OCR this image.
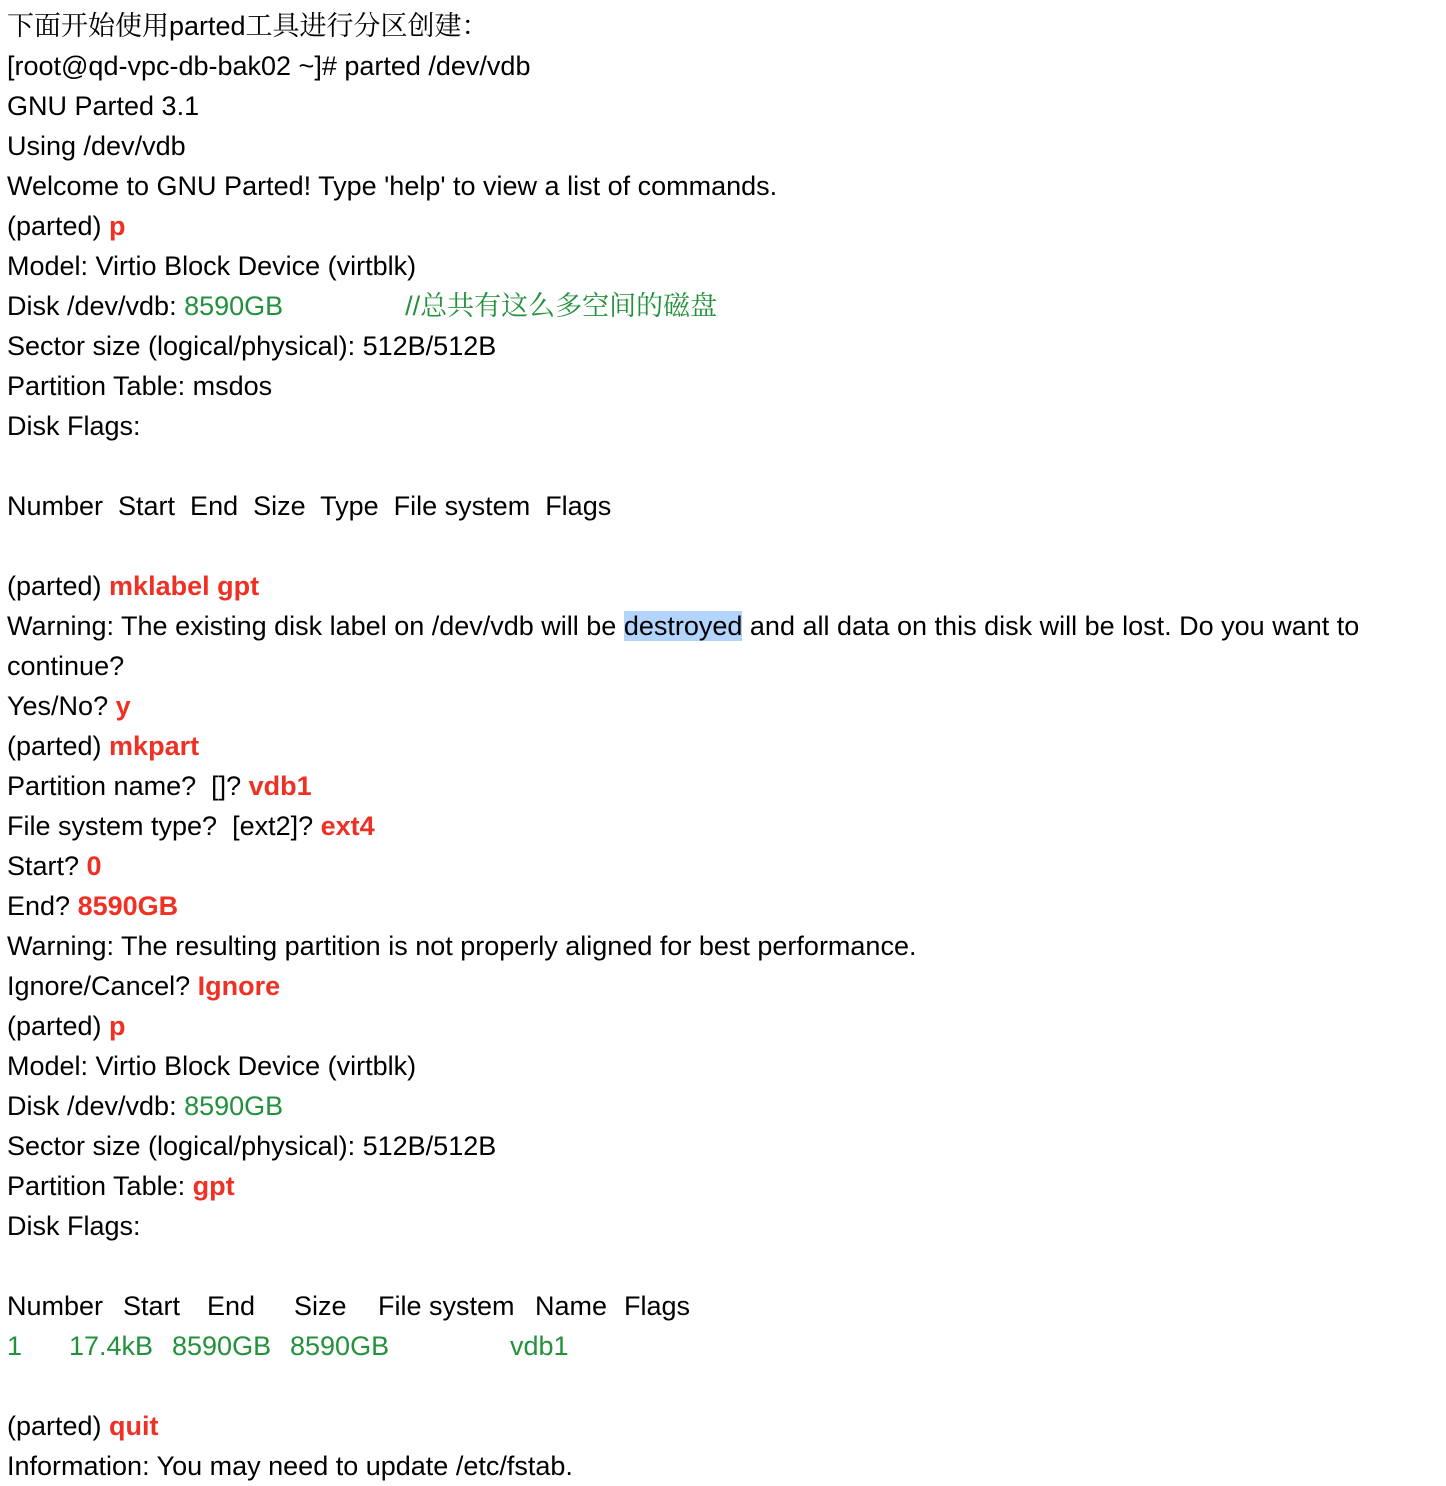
下面开始使用parted工具进行分区创建：
[root@qd-vpc-db-bak02 ~]# parted /dev/vdb
GNU Parted 3.1
Using /dev/vdb
Welcome to GNU Parted! Type 'help' to view a list of commands.
(parted) p
Model: Virtio Block Device (virtblk)
Disk /dev/vdb: 8590GB	//总共有这么多空间的磁盘
Sector size (logical/physical): 512B/512B
Partition Table: msdos
Disk Flags:
Number  Start  End  Size  Type  File system  Flags
(parted) mklabel gpt
Warning: The existing disk label on /dev/vdb will be destroyed and all data on this disk will be lost. Do you want to continue?
Yes/No? y
(parted) mkpart
Partition name?  []? vdb1
File system type?  [ext2]? ext4
Start? 0
End? 8590GB
Warning: The resulting partition is not properly aligned for best performance.
Ignore/Cancel? Ignore
(parted) p
Model: Virtio Block Device (virtblk)
Disk /dev/vdb: 8590GB
Sector size (logical/physical): 512B/512B
Partition Table: gpt
Disk Flags:
Number Start End Size File system Name Flags
1 17.4kB 8590GB 8590GB	vdb1
(parted) quit
Information: You may need to update /etc/fstab.
